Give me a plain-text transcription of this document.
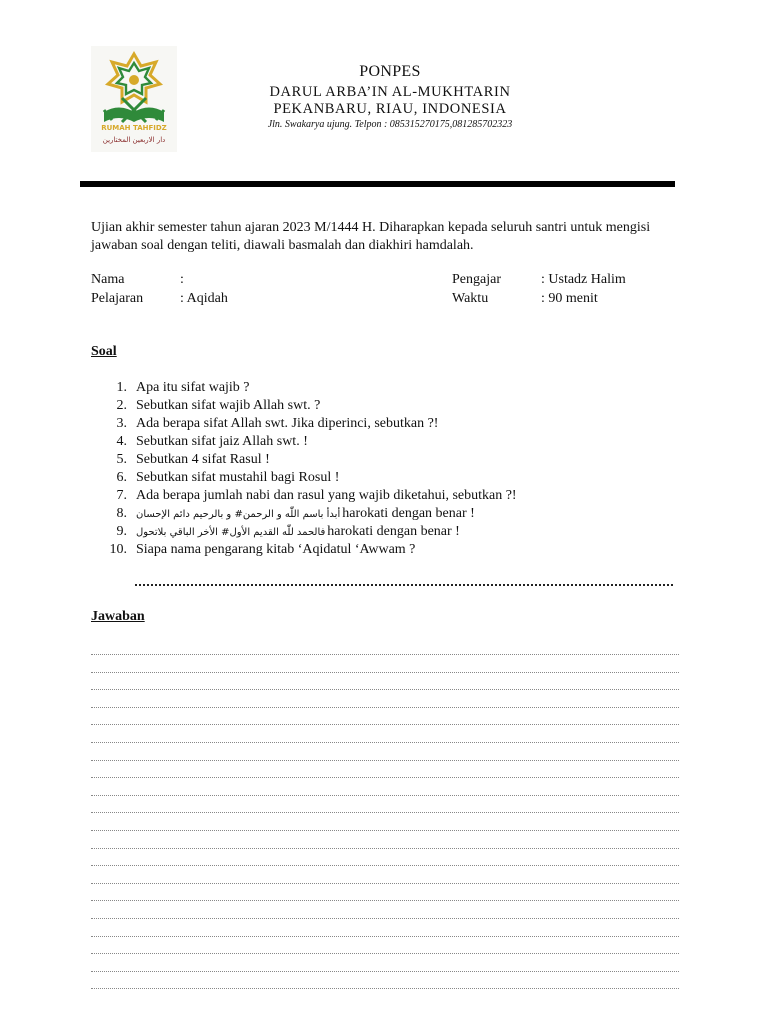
RUMAH TAHFIDZ
دار الاربعين المختارين
PONPES
DARUL ARBA’IN AL-MUKHTARIN
PEKANBARU, RIAU, INDONESIA
Jln. Swakarya ujung. Telpon : 085315270175,081285702323
Ujian akhir semester tahun ajaran 2023 M/1444 H. Diharapkan kepada seluruh santri untuk mengisi jawaban soal dengan teliti, diawali basmalah dan diakhiri hamdalah.
Nama	:	Pengajar	: Ustadz Halim
Pelajaran	: Aqidah	Waktu	: 90 menit
Soal
1. Apa itu sifat wajib ?
2. Sebutkan sifat wajib Allah swt. ?
3. Ada berapa sifat Allah swt. Jika diperinci, sebutkan ?!
4. Sebutkan sifat jaiz Allah swt. !
5. Sebutkan 4 sifat Rasul !
6. Sebutkan sifat mustahil bagi Rosul !
7. Ada berapa jumlah nabi dan rasul yang wajib diketahui, sebutkan ?!
8. أبدأ باسم اللّٰه و الرحمن# و بالرحيم دائم الإحسان harokati dengan benar !
9. فالحمد للّٰه القديم الأول# الأخر الباقي بلاتحول harokati dengan benar !
10. Siapa nama pengarang kitab ‘Aqidatul ‘Awwam ?
Jawaban
